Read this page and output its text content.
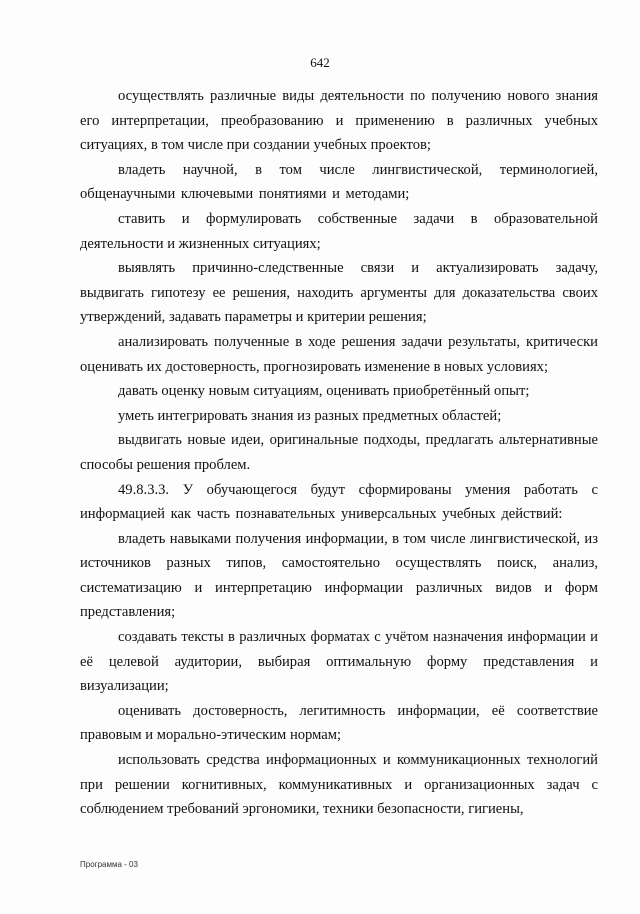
642

осуществлять различные виды деятельности по получению нового знания его интерпретации, преобразованию и применению в различных учебных ситуациях, в том числе при создании учебных проектов;

владеть научной, в том числе лингвистической, терминологией, общенаучными ключевыми понятиями и методами;

ставить и формулировать собственные задачи в образовательной деятельности и жизненных ситуациях;

выявлять причинно-следственные связи и актуализировать задачу, выдвигать гипотезу ее решения, находить аргументы для доказательства своих утверждений, задавать параметры и критерии решения;

анализировать полученные в ходе решения задачи результаты, критически оценивать их достоверность, прогнозировать изменение в новых условиях;

давать оценку новым ситуациям, оценивать приобретённый опыт;

уметь интегрировать знания из разных предметных областей;

выдвигать новые идеи, оригинальные подходы, предлагать альтернативные способы решения проблем.

49.8.3.3. У обучающегося будут сформированы умения работать с информацией как часть познавательных универсальных учебных действий:

владеть навыками получения информации, в том числе лингвистической, из источников разных типов, самостоятельно осуществлять поиск, анализ, систематизацию и интерпретацию информации различных видов и форм представления;

создавать тексты в различных форматах с учётом назначения информации и её целевой аудитории, выбирая оптимальную форму представления и визуализации;

оценивать достоверность, легитимность информации, её соответствие правовым и морально-этическим нормам;

использовать средства информационных и коммуникационных технологий при решении когнитивных, коммуникативных и организационных задач с соблюдением требований эргономики, техники безопасности, гигиены,

Программа - 03
